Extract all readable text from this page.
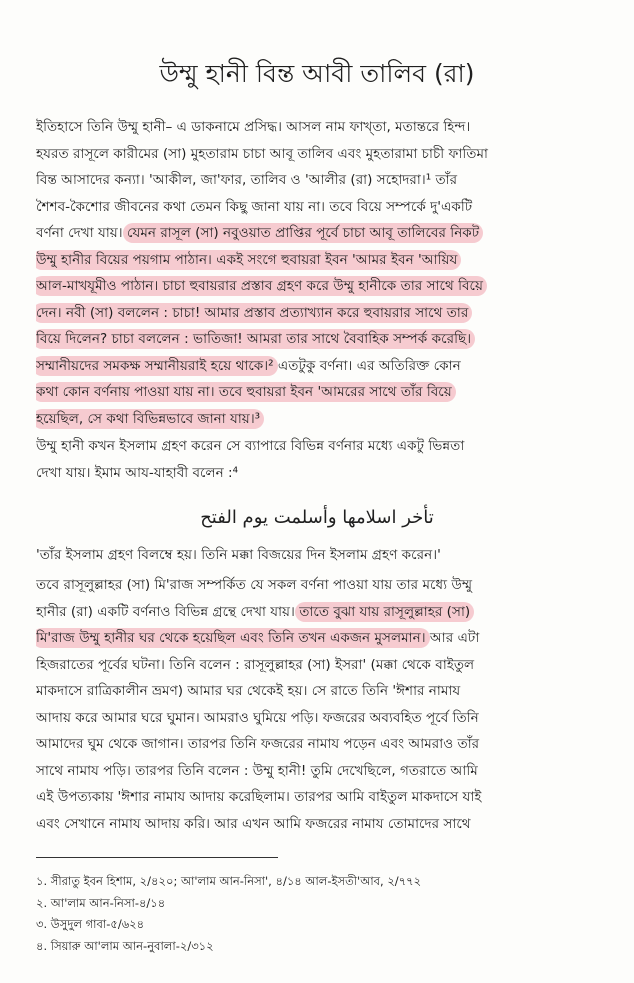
উম্মু হানী বিন্ত আবী তালিব (রা)
ইতিহাসে তিনি উম্মু হানী– এ ডাকনামে প্রসিদ্ধ। আসল নাম ফাখ্তা, মতান্তরে হিন্দ।
হযরত রাসূলে কারীমের (সা) মুহতারাম চাচা আবূ তালিব এবং মুহতারামা চাচী ফাতিমা
বিন্ত আসাদের কন্যা। 'আকীল, জা'ফার, তালিব ও 'আলীর (রা) সহোদরা।¹ তাঁর
শৈশব-কৈশোর জীবনের কথা তেমন কিছু জানা যায় না। তবে বিয়ে সম্পর্কে দু'একটি
বর্ণনা দেখা যায়। যেমন রাসূল (সা) নবুওয়াত প্রাপ্তির পূর্বে চাচা আবূ তালিবের নিকট
উম্মু হানীর বিয়ের পয়গাম পাঠান। একই সংগে হুবায়রা ইবন 'আমর ইবন 'আয়িয
আল-মাখযূমীও পাঠান। চাচা হুবায়রার প্রস্তাব গ্রহণ করে উম্মু হানীকে তার সাথে বিয়ে
দেন। নবী (সা) বললেন : চাচা! আমার প্রস্তাব প্রত্যাখ্যান করে হুবায়রার সাথে তার
বিয়ে দিলেন? চাচা বললেন : ভাতিজা! আমরা তার সাথে বৈবাহিক সম্পর্ক করেছি।
সম্মানীয়দের সমকক্ষ সম্মানীয়রাই হয়ে থাকে।² এতটুকু বর্ণনা। এর অতিরিক্ত কোন
কথা কোন বর্ণনায় পাওয়া যায় না। তবে হুবায়রা ইবন 'আমরের সাথে তাঁর বিয়ে
হয়েছিল, সে কথা বিভিন্নভাবে জানা যায়।³
উম্মু হানী কখন ইসলাম গ্রহণ করেন সে ব্যাপারে বিভিন্ন বর্ণনার মধ্যে একটু ভিন্নতা
দেখা যায়। ইমাম আয-যাহাবী বলেন :⁴
تأخر اسلامها وأسلمت يوم الفتح
'তাঁর ইসলাম গ্রহণ বিলম্বে হয়। তিনি মক্কা বিজয়ের দিন ইসলাম গ্রহণ করেন।'
তবে রাসূলুল্লাহর (সা) মি'রাজ সম্পর্কিত যে সকল বর্ণনা পাওয়া যায় তার মধ্যে উম্মু
হানীর (রা) একটি বর্ণনাও বিভিন্ন গ্রন্থে দেখা যায়। তাতে বুঝা যায় রাসূলুল্লাহর (সা)
মি'রাজ উম্মু হানীর ঘর থেকে হয়েছিল এবং তিনি তখন একজন মুসলমান। আর এটা
হিজরাতের পূর্বের ঘটনা। তিনি বলেন : রাসূলুল্লাহর (সা) ইসরা' (মক্কা থেকে বাইতুল
মাকদাসে রাত্রিকালীন ভ্রমণ) আমার ঘর থেকেই হয়। সে রাতে তিনি 'ঈশার নামায
আদায় করে আমার ঘরে ঘুমান। আমরাও ঘুমিয়ে পড়ি। ফজরের অব্যবহিত পূর্বে তিনি
আমাদের ঘুম থেকে জাগান। তারপর তিনি ফজরের নামায পড়েন এবং আমরাও তাঁর
সাথে নামায পড়ি। তারপর তিনি বলেন : উম্মু হানী! তুমি দেখেছিলে, গতরাতে আমি
এই উপত্যকায় 'ঈশার নামায আদায় করেছিলাম। তারপর আমি বাইতুল মাকদাসে যাই
এবং সেখানে নামায আদায় করি। আর এখন আমি ফজরের নামায তোমাদের সাথে
১. সীরাতু ইবন হিশাম, ২/৪২০; আ'লাম আন-নিসা', ৪/১৪ আল-ইসতী'আব, ২/৭৭২
২. আ'লাম আন-নিসা-৪/১৪
৩. উসুদুল গাবা-৫/৬২৪
৪. সিয়ারু আ'লাম আন-নুবালা-২/৩১২
